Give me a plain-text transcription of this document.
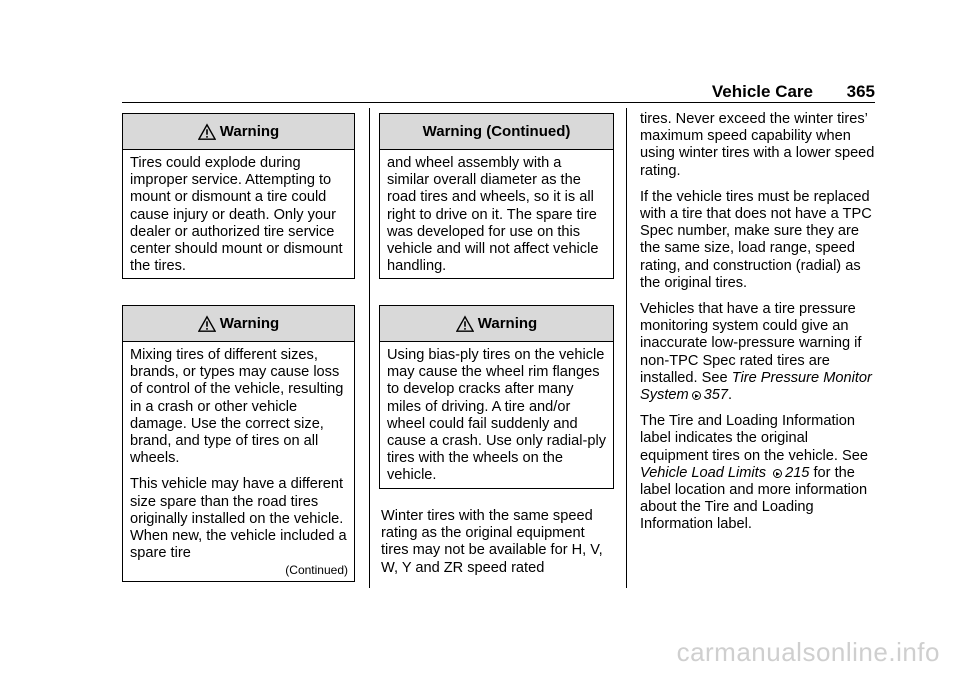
Vehicle Care 365
Warning

Tires could explode during improper service. Attempting to mount or dismount a tire could cause injury or death. Only your dealer or authorized tire service center should mount or dismount the tires.

Warning

Mixing tires of different sizes, brands, or types may cause loss of control of the vehicle, resulting in a crash or other vehicle damage. Use the correct size, brand, and type of tires on all wheels.

This vehicle may have a different size spare than the road tires originally installed on the vehicle. When new, the vehicle included a spare tire

(Continued)
Warning (Continued)

and wheel assembly with a similar overall diameter as the road tires and wheels, so it is all right to drive on it. The spare tire was developed for use on this vehicle and will not affect vehicle handling.

Warning

Using bias-ply tires on the vehicle may cause the wheel rim flanges to develop cracks after many miles of driving. A tire and/or wheel could fail suddenly and cause a crash. Use only radial-ply tires with the wheels on the vehicle.

Winter tires with the same speed rating as the original equipment tires may not be available for H, V, W, Y and ZR speed rated

tires. Never exceed the winter tires’ maximum speed capability when using winter tires with a lower speed rating.

If the vehicle tires must be replaced with a tire that does not have a TPC Spec number, make sure they are the same size, load range, speed rating, and construction (radial) as the original tires.

Vehicles that have a tire pressure monitoring system could give an inaccurate low-pressure warning if non-TPC Spec rated tires are installed. See Tire Pressure Monitor System 357.

The Tire and Loading Information label indicates the original equipment tires on the vehicle. See Vehicle Load Limits 215 for the label location and more information about the Tire and Loading Information label.

carmanualsonline.info
